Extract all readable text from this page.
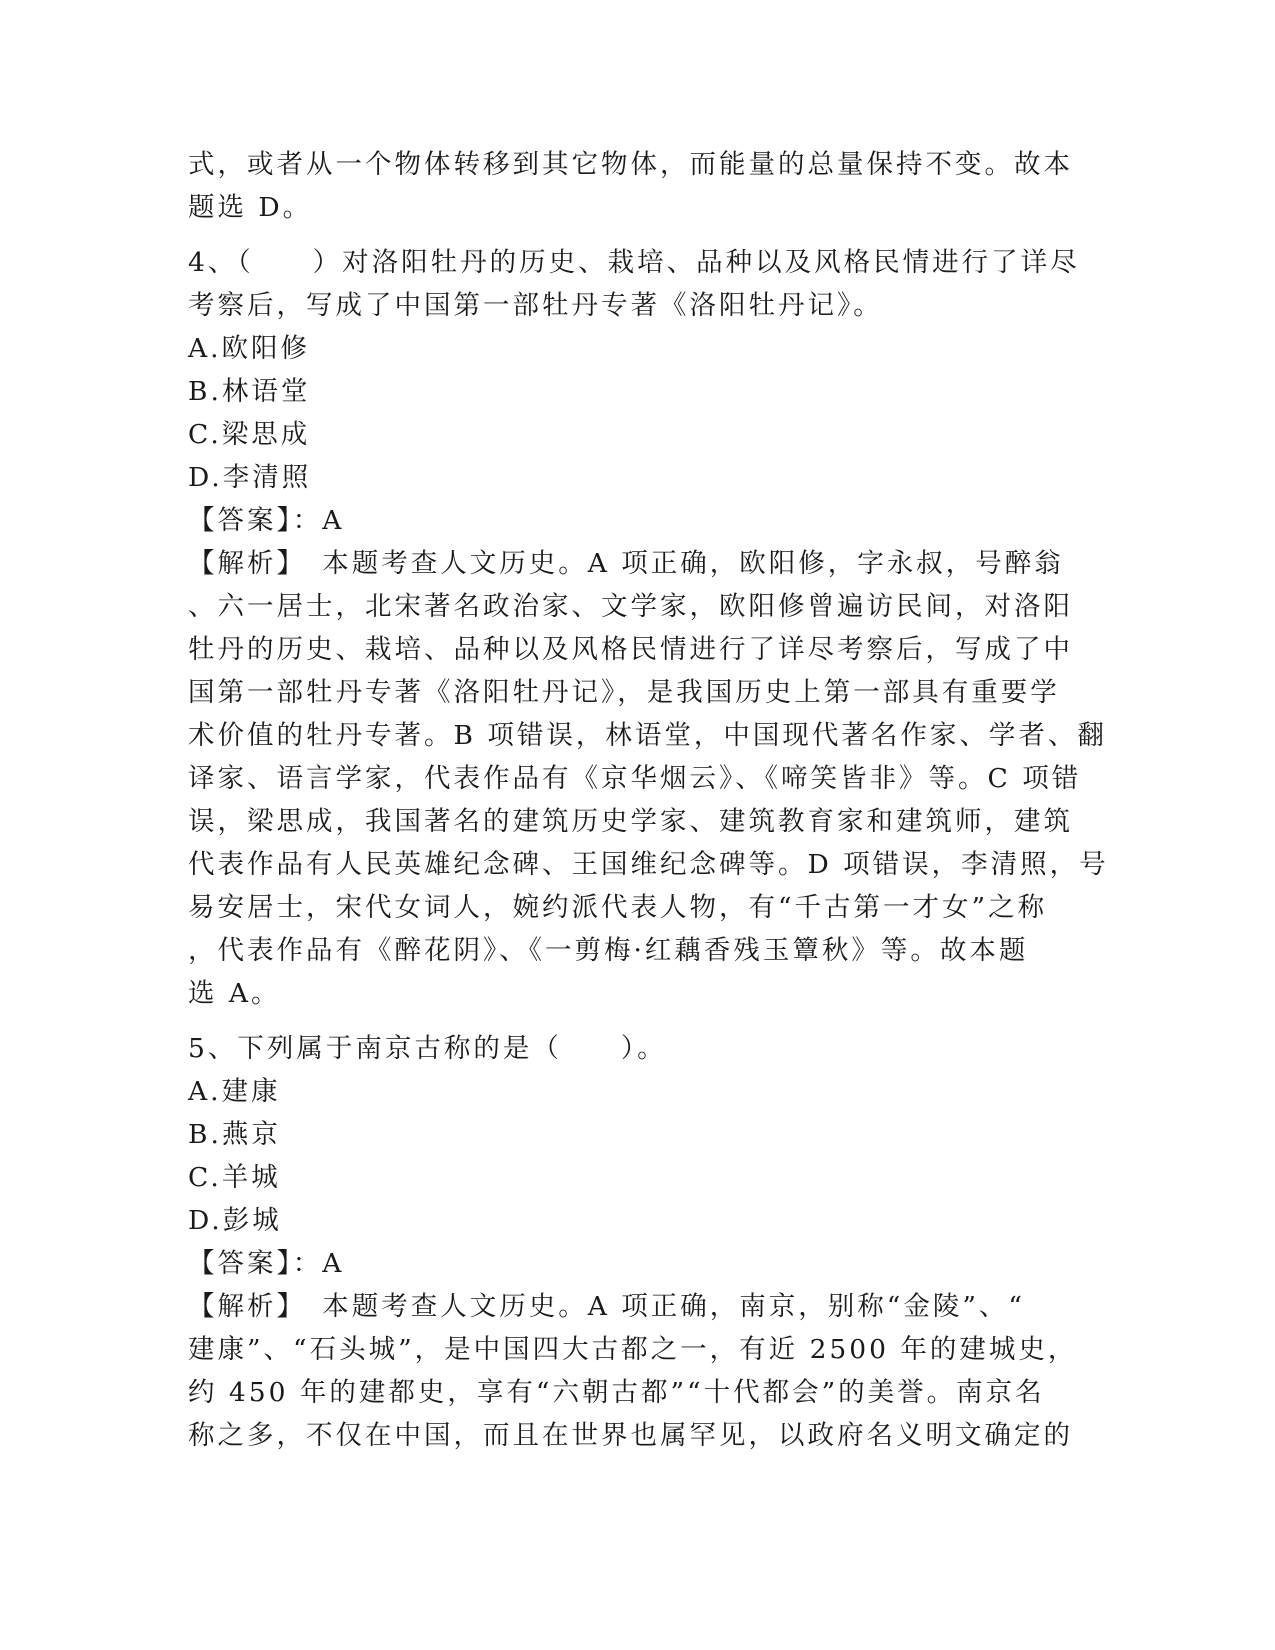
式，或者从一个物体转移到其它物体，而能量的总量保持不变。故本
题选 D。
4、（　　）对洛阳牡丹的历史、栽培、品种以及风格民情进行了详尽
考察后，写成了中国第一部牡丹专著《洛阳牡丹记》。
A.欧阳修
B.林语堂
C.梁思成
D.李清照
【答案】：A
【解析】　本题考查人文历史。A 项正确，欧阳修，字永叔，号醉翁
、六一居士，北宋著名政治家、文学家，欧阳修曾遍访民间，对洛阳
牡丹的历史、栽培、品种以及风格民情进行了详尽考察后，写成了中
国第一部牡丹专著《洛阳牡丹记》，是我国历史上第一部具有重要学
术价值的牡丹专著。B 项错误，林语堂，中国现代著名作家、学者、翻
译家、语言学家，代表作品有《京华烟云》、《啼笑皆非》等。C 项错
误，梁思成，我国著名的建筑历史学家、建筑教育家和建筑师，建筑
代表作品有人民英雄纪念碑、王国维纪念碑等。D 项错误，李清照，号
易安居士，宋代女词人，婉约派代表人物，有“千古第一才女”之称
，代表作品有《醉花阴》、《一剪梅·红藕香残玉簟秋》等。故本题
选 A。
5、下列属于南京古称的是（　　）。
A.建康
B.燕京
C.羊城
D.彭城
【答案】：A
【解析】　本题考查人文历史。A 项正确，南京，别称“金陵”、“
建康”、“石头城”，是中国四大古都之一，有近 2500 年的建城史，
约 450 年的建都史，享有“六朝古都”“十代都会”的美誉。南京名
称之多，不仅在中国，而且在世界也属罕见，以政府名义明文确定的
